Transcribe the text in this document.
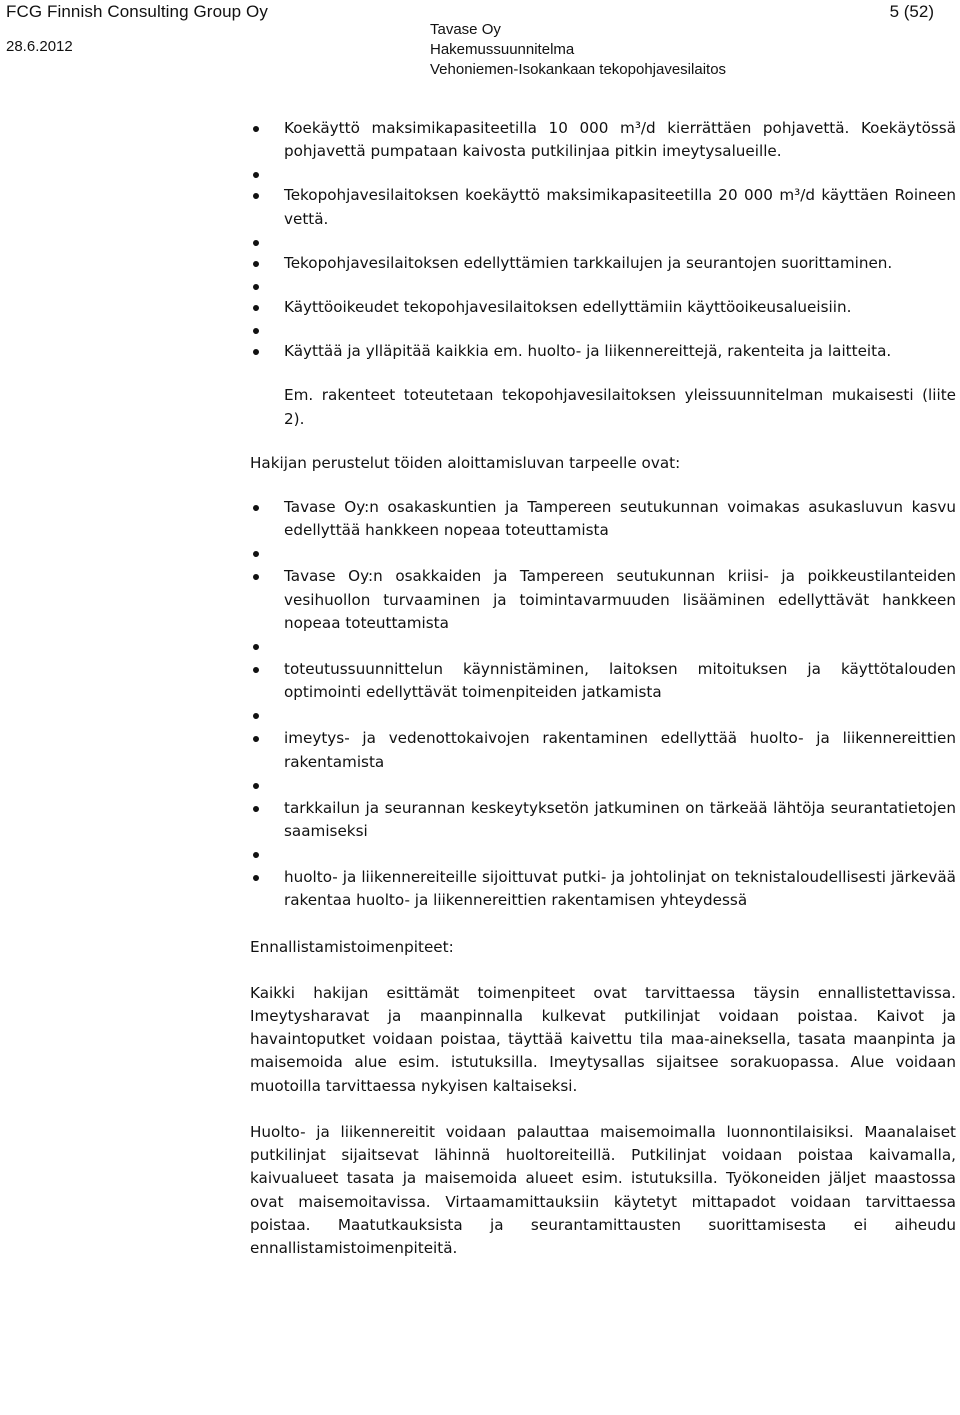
FCG Finnish Consulting Group Oy
28.6.2012
Tavase Oy
Hakemussuunnitelma
Vehoniemen-Isokankaan tekopohjavesilaitos
5 (52)
Koekäyttö maksimikapasiteetilla 10 000 m³/d kierrättäen pohjavettä. Koekäytössä pohjavettä pumpataan kaivosta putkilinjaa pitkin imeytysalueille.
Tekopohjavesilaitoksen koekäyttö maksimikapasiteetilla 20 000 m³/d käyttäen Roineen vettä.
Tekopohjavesilaitoksen edellyttämien tarkkailujen ja seurantojen suorittaminen.
Käyttöoikeudet tekopohjavesilaitoksen edellyttämiin käyttöoikeusalueisiin.
Käyttää ja ylläpitää kaikkia em. huolto- ja liikennereittejä, rakenteita ja laitteita.

Em. rakenteet toteutetaan tekopohjavesilaitoksen yleissuunnitelman mukaisesti (liite 2).

Hakijan perustelut töiden aloittamisluvan tarpeelle ovat:

Tavase Oy:n osakaskuntien ja Tampereen seutukunnan voimakas asukasluvun kasvu edellyttää hankkeen nopeaa toteuttamista
Tavase Oy:n osakkaiden ja Tampereen seutukunnan kriisi- ja poikkeustilanteiden vesihuollon turvaaminen ja toimintavarmuuden lisääminen edellyttävät hankkeen nopeaa toteuttamista
toteutussuunnittelun käynnistäminen, laitoksen mitoituksen ja käyttötalouden optimointi edellyttävät toimenpiteiden jatkamista
imeytys- ja vedenottokaivojen rakentaminen edellyttää huolto- ja liikennereittien rakentamista
tarkkailun ja seurannan keskeytyksetön jatkuminen on tärkeää lähtöja seurantatietojen saamiseksi
huolto- ja liikennereiteille sijoittuvat putki- ja johtolinjat on teknistaloudellisesti järkevää rakentaa huolto- ja liikennereittien rakentamisen yhteydessä

Ennallistamistoimenpiteet:

Kaikki hakijan esittämät toimenpiteet ovat tarvittaessa täysin ennallistettavissa. Imeytysharavat ja maanpinnalla kulkevat putkilinjat voidaan poistaa. Kaivot ja havaintoputket voidaan poistaa, täyttää kaivettu tila maa-aineksella, tasata maanpinta ja maisemoida alue esim. istutuksilla. Imeytysallas sijaitsee sorakuopassa. Alue voidaan muotoilla tarvittaessa nykyisen kaltaiseksi.

Huolto- ja liikennereitit voidaan palauttaa maisemoimalla luonnontilaisiksi. Maanalaiset putkilinjat sijaitsevat lähinnä huoltoreiteillä. Putkilinjat voidaan poistaa kaivamalla, kaivualueet tasata ja maisemoida alueet esim. istutuksilla. Työkoneiden jäljet maastossa ovat maisemoitavissa. Virtaamamittauksiin käytetyt mittapadot voidaan tarvittaessa poistaa. Maatutkauksista ja seurantamittausten suorittamisesta ei aiheudu ennallistamistoimenpiteitä.
